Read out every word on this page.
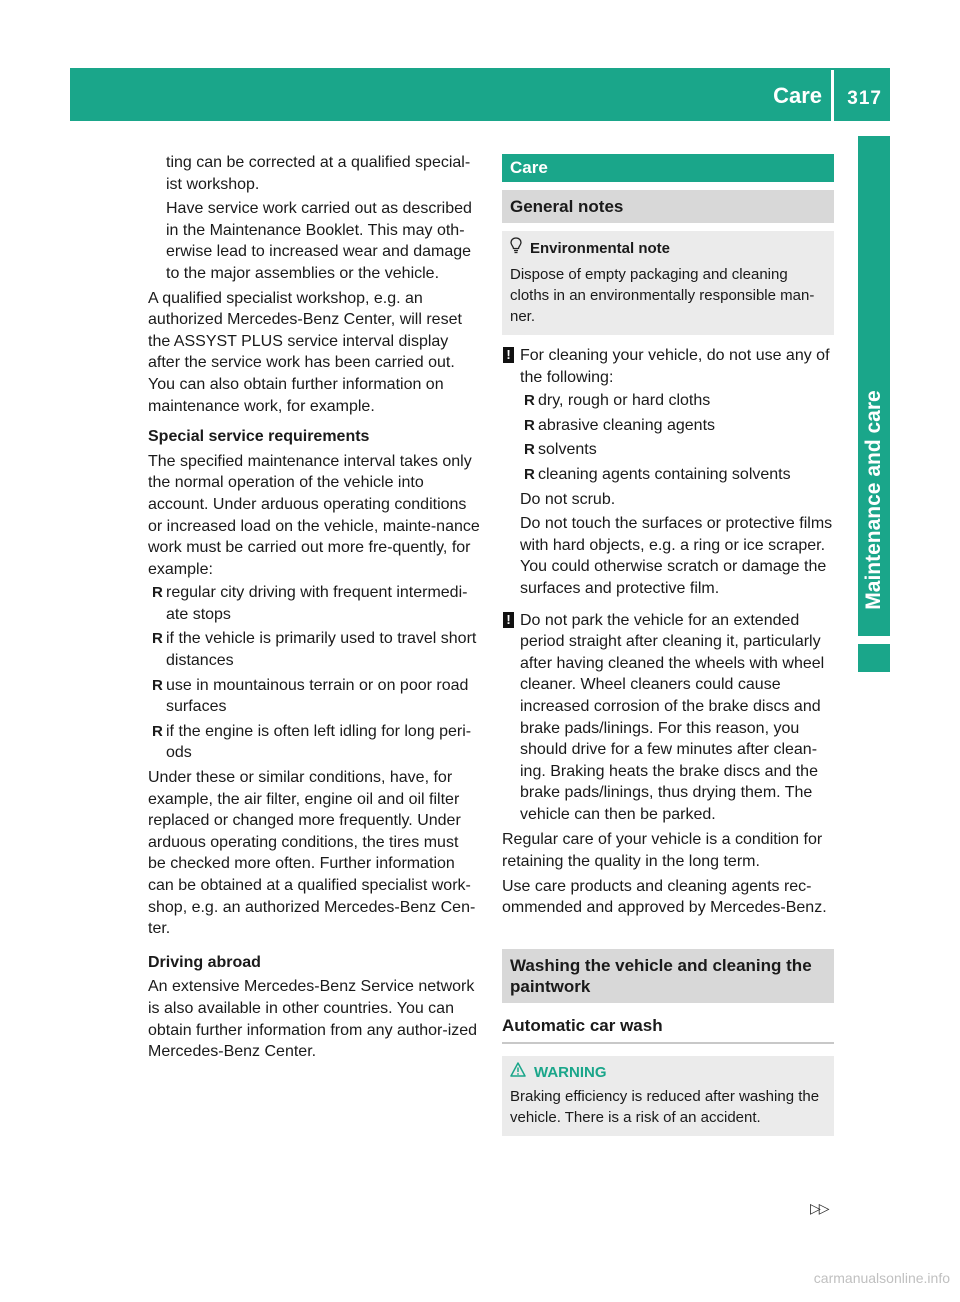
Care 317
Maintenance and care

ting can be corrected at a qualified special-ist workshop.

Have service work carried out as described in the Maintenance Booklet. This may oth-erwise lead to increased wear and damage to the major assemblies or the vehicle.

A qualified specialist workshop, e.g. an authorized Mercedes-Benz Center, will reset the ASSYST PLUS service interval display after the service work has been carried out. You can also obtain further information on maintenance work, for example.

Special service requirements

The specified maintenance interval takes only the normal operation of the vehicle into account. Under arduous operating conditions or increased load on the vehicle, mainte-nance work must be carried out more fre-quently, for example:

R regular city driving with frequent intermedi-ate stops
R if the vehicle is primarily used to travel short distances
R use in mountainous terrain or on poor road surfaces
R if the engine is often left idling for long peri-ods

Under these or similar conditions, have, for example, the air filter, engine oil and oil filter replaced or changed more frequently. Under arduous operating conditions, the tires must be checked more often. Further information can be obtained at a qualified specialist work-shop, e.g. an authorized Mercedes-Benz Cen-ter.

Driving abroad

An extensive Mercedes-Benz Service network is also available in other countries. You can obtain further information from any author-ized Mercedes-Benz Center.

Care
General notes
Environmental note

Dispose of empty packaging and cleaning cloths in an environmentally responsible man-ner.

! For cleaning your vehicle, do not use any of the following:

R dry, rough or hard cloths
R abrasive cleaning agents
R solvents
R cleaning agents containing solvents

Do not scrub.

Do not touch the surfaces or protective films with hard objects, e.g. a ring or ice scraper. You could otherwise scratch or damage the surfaces and protective film.

! Do not park the vehicle for an extended period straight after cleaning it, particularly after having cleaned the wheels with wheel cleaner. Wheel cleaners could cause increased corrosion of the brake discs and brake pads/linings. For this reason, you should drive for a few minutes after clean-ing. Braking heats the brake discs and the brake pads/linings, thus drying them. The vehicle can then be parked.

Regular care of your vehicle is a condition for retaining the quality in the long term.

Use care products and cleaning agents rec-ommended and approved by Mercedes-Benz.

Washing the vehicle and cleaning the paintwork

Automatic car wash

WARNING

Braking efficiency is reduced after washing the vehicle. There is a risk of an accident.

▷▷
carmanualsonline.info
